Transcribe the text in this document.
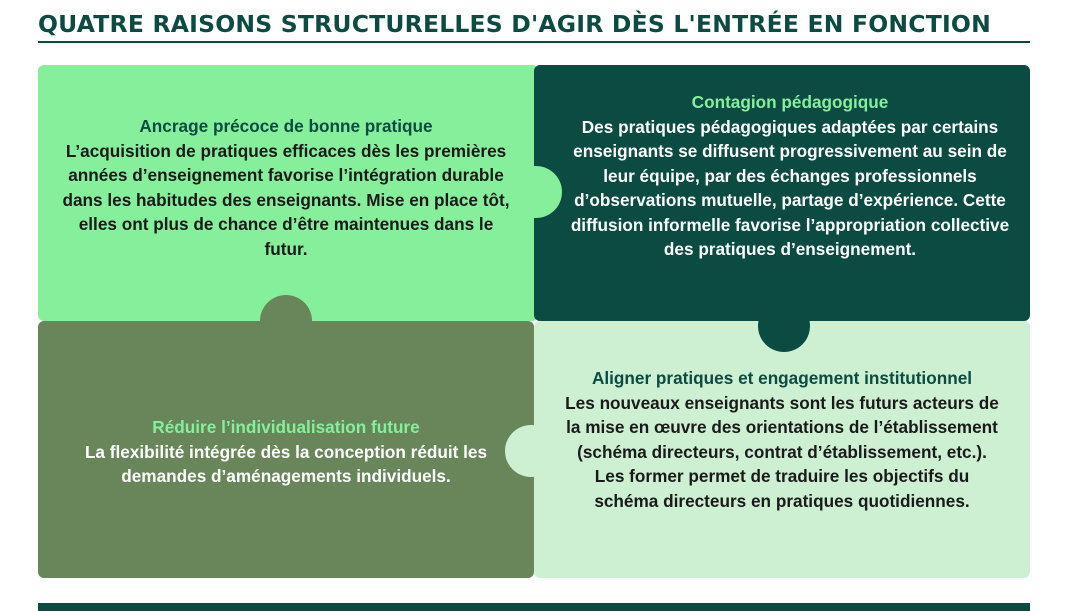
QUATRE RAISONS STRUCTURELLES D'AGIR DÈS L'ENTRÉE EN FONCTION
Ancrage précoce de bonne pratique
L’acquisition de pratiques efficaces dès les premières années d’enseignement favorise l’intégration durable dans les habitudes des enseignants. Mise en place tôt, elles ont plus de chance d’être maintenues dans le futur.
Contagion pédagogique
Des pratiques pédagogiques adaptées par certains enseignants se diffusent progressivement au sein de leur équipe, par des échanges professionnels d’observations mutuelle, partage d’expérience. Cette diffusion informelle favorise l’appropriation collective des pratiques d’enseignement.
Réduire l’individualisation future
La flexibilité intégrée dès la conception réduit les demandes d’aménagements individuels.
Aligner pratiques et engagement institutionnel
Les nouveaux enseignants sont les futurs acteurs de la mise en œuvre des orientations de l’établissement (schéma directeurs, contrat d’établissement, etc.). Les former permet de traduire les objectifs du schéma directeurs en pratiques quotidiennes.
